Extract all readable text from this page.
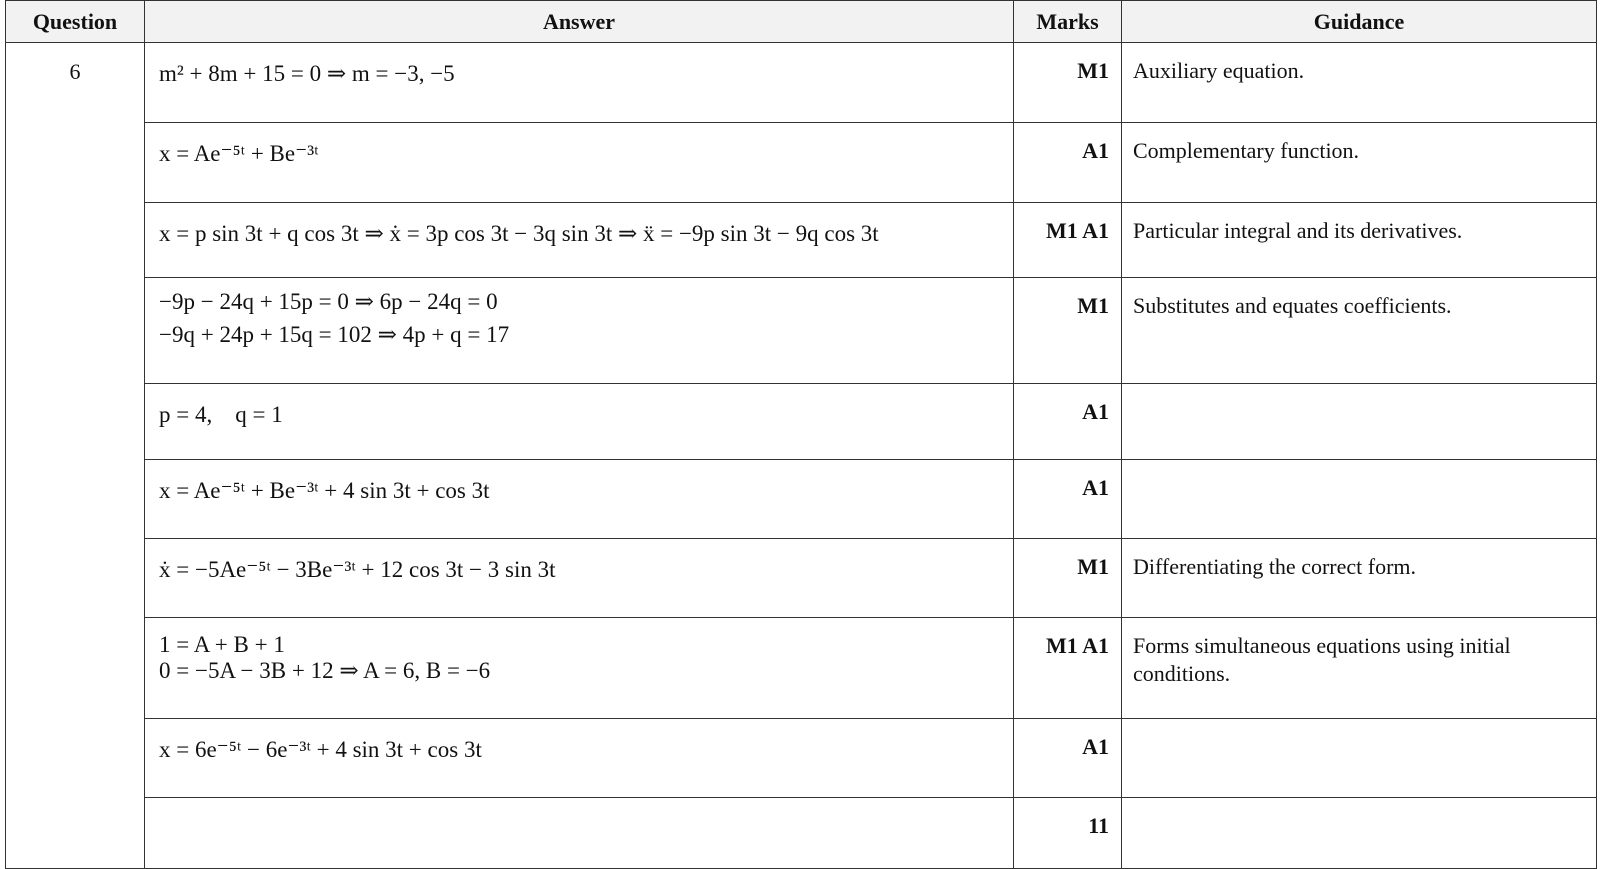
Question	Answer	Marks	Guidance
6	m² + 8m + 15 = 0 ⇒ m = −3, −5	M1	Auxiliary equation.

	x = Ae⁻⁵ᵗ + Be⁻³ᵗ	A1	Complementary function.

	x = p sin 3t + q cos 3t ⇒ ẋ = 3p cos 3t − 3q sin 3t ⇒ ẍ = −9p sin 3t − 9q cos 3t	M1 A1	Particular integral and its derivatives.

	−9p − 24q + 15p = 0 ⇒ 6p − 24q = 0
−9q + 24p + 15q = 102 ⇒ 4p + q = 17	M1	Substitutes and equates coefficients.

	p = 4,    q = 1	A1	

	x = Ae⁻⁵ᵗ + Be⁻³ᵗ + 4 sin 3t + cos 3t	A1	

	ẋ = −5Ae⁻⁵ᵗ − 3Be⁻³ᵗ + 12 cos 3t − 3 sin 3t	M1	Differentiating the correct form.

	1 = A + B + 1
0 = −5A − 3B + 12 ⇒ A = 6, B = −6	M1 A1	Forms simultaneous equations using initial conditions.

	x = 6e⁻⁵ᵗ − 6e⁻³ᵗ + 4 sin 3t + cos 3t	A1	

		11	
